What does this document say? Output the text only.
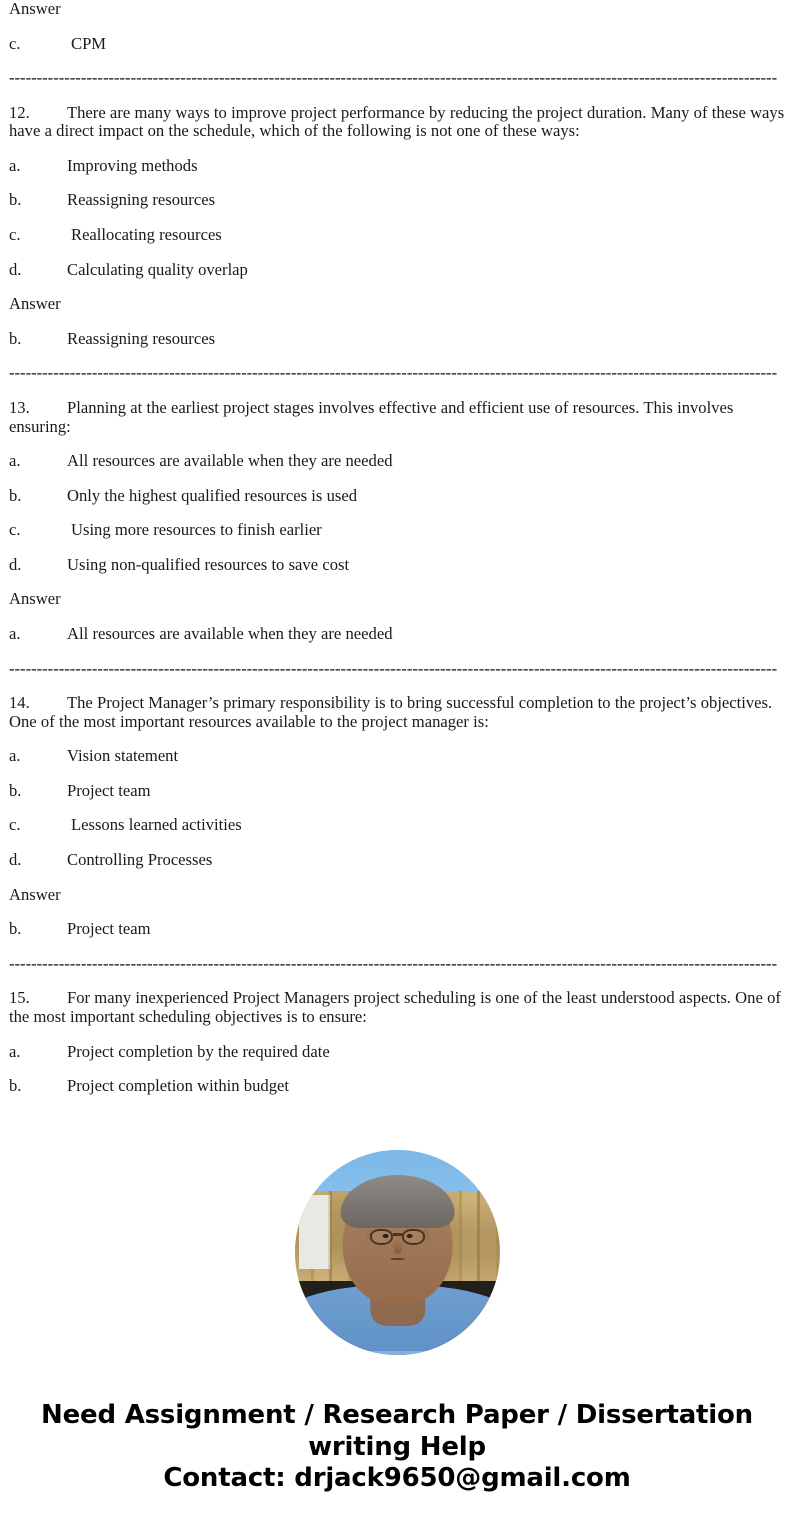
Answer

c.	CPM

-------------------------------------------------------------------------------------------------------------------------------------------

12. There are many ways to improve project performance by reducing the project duration. Many of these ways have a direct impact on the schedule, which of the following is not one of these ways:

a.	Improving methods

b.	Reassigning resources

c.	Reallocating resources

d.	Calculating quality overlap

Answer

b.	Reassigning resources

-------------------------------------------------------------------------------------------------------------------------------------------

13. Planning at the earliest project stages involves effective and efficient use of resources. This involves ensuring:

a.	All resources are available when they are needed

b.	Only the highest qualified resources is used

c.	Using more resources to finish earlier

d.	Using non-qualified resources to save cost

Answer

a.	All resources are available when they are needed

-------------------------------------------------------------------------------------------------------------------------------------------

14. The Project Manager’s primary responsibility is to bring successful completion to the project’s objectives. One of the most important resources available to the project manager is:

a.	Vision statement

b.	Project team

c.	Lessons learned activities

d.	Controlling Processes

Answer

b.	Project team

-------------------------------------------------------------------------------------------------------------------------------------------

15. For many inexperienced Project Managers project scheduling is one of the least understood aspects. One of the most important scheduling objectives is to ensure:

a.	Project completion by the required date

b.	Project completion within budget

Need Assignment / Research Paper / Dissertation
writing Help
Contact: drjack9650@gmail.com
